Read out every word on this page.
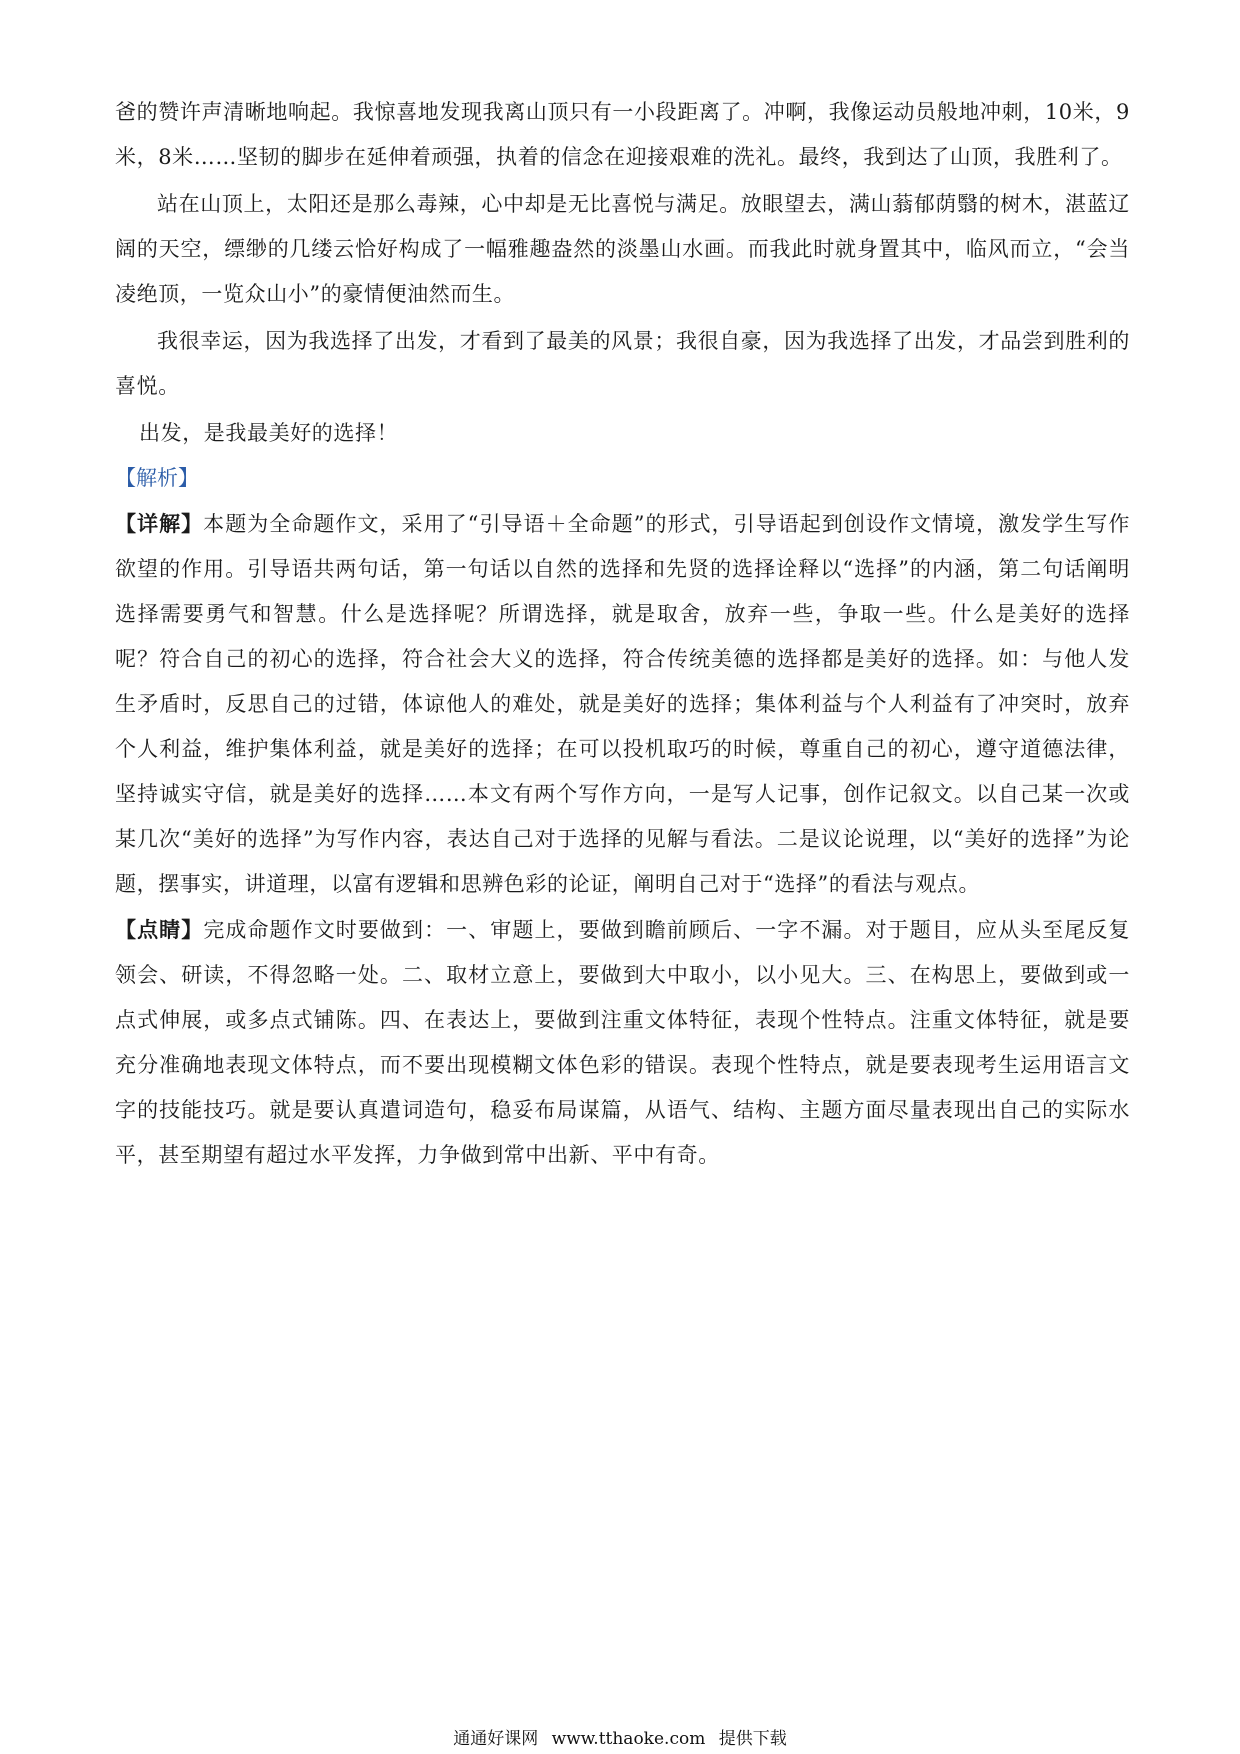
爸的赞许声清晰地响起。我惊喜地发现我离山顶只有一小段距离了。冲啊，我像运动员般地冲刺，10米，9米，8米……坚韧的脚步在延伸着顽强，执着的信念在迎接艰难的洗礼。最终，我到达了山顶，我胜利了。

站在山顶上，太阳还是那么毒辣，心中却是无比喜悦与满足。放眼望去，满山蓊郁荫翳的树木，湛蓝辽阔的天空，缥缈的几缕云恰好构成了一幅雅趣盎然的淡墨山水画。而我此时就身置其中，临风而立，“会当凌绝顶，一览众山小”的豪情便油然而生。

我很幸运，因为我选择了出发，才看到了最美的风景；我很自豪，因为我选择了出发，才品尝到胜利的喜悦。

出发，是我最美好的选择！

【解析】

【详解】本题为全命题作文，采用了“引导语＋全命题”的形式，引导语起到创设作文情境，激发学生写作欲望的作用。引导语共两句话，第一句话以自然的选择和先贤的选择诠释以“选择”的内涵，第二句话阐明选择需要勇气和智慧。什么是选择呢？所谓选择，就是取舍，放弃一些，争取一些。什么是美好的选择呢？符合自己的初心的选择，符合社会大义的选择，符合传统美德的选择都是美好的选择。如：与他人发生矛盾时，反思自己的过错，体谅他人的难处，就是美好的选择；集体利益与个人利益有了冲突时，放弃个人利益，维护集体利益，就是美好的选择；在可以投机取巧的时候，尊重自己的初心，遵守道德法律，坚持诚实守信，就是美好的选择……本文有两个写作方向，一是写人记事，创作记叙文。以自己某一次或某几次“美好的选择”为写作内容，表达自己对于选择的见解与看法。二是议论说理，以“美好的选择”为论题，摆事实，讲道理，以富有逻辑和思辨色彩的论证，阐明自己对于“选择”的看法与观点。

【点睛】完成命题作文时要做到：一、审题上，要做到瞻前顾后、一字不漏。对于题目，应从头至尾反复领会、研读，不得忽略一处。二、取材立意上，要做到大中取小，以小见大。三、在构思上，要做到或一点式伸展，或多点式铺陈。四、在表达上，要做到注重文体特征，表现个性特点。注重文体特征，就是要充分准确地表现文体特点，而不要出现模糊文体色彩的错误。表现个性特点，就是要表现考生运用语言文字的技能技巧。就是要认真遣词造句，稳妥布局谋篇，从语气、结构、主题方面尽量表现出自己的实际水平，甚至期望有超过水平发挥，力争做到常中出新、平中有奇。

通通好课网 www.tthaoke.com 提供下载
